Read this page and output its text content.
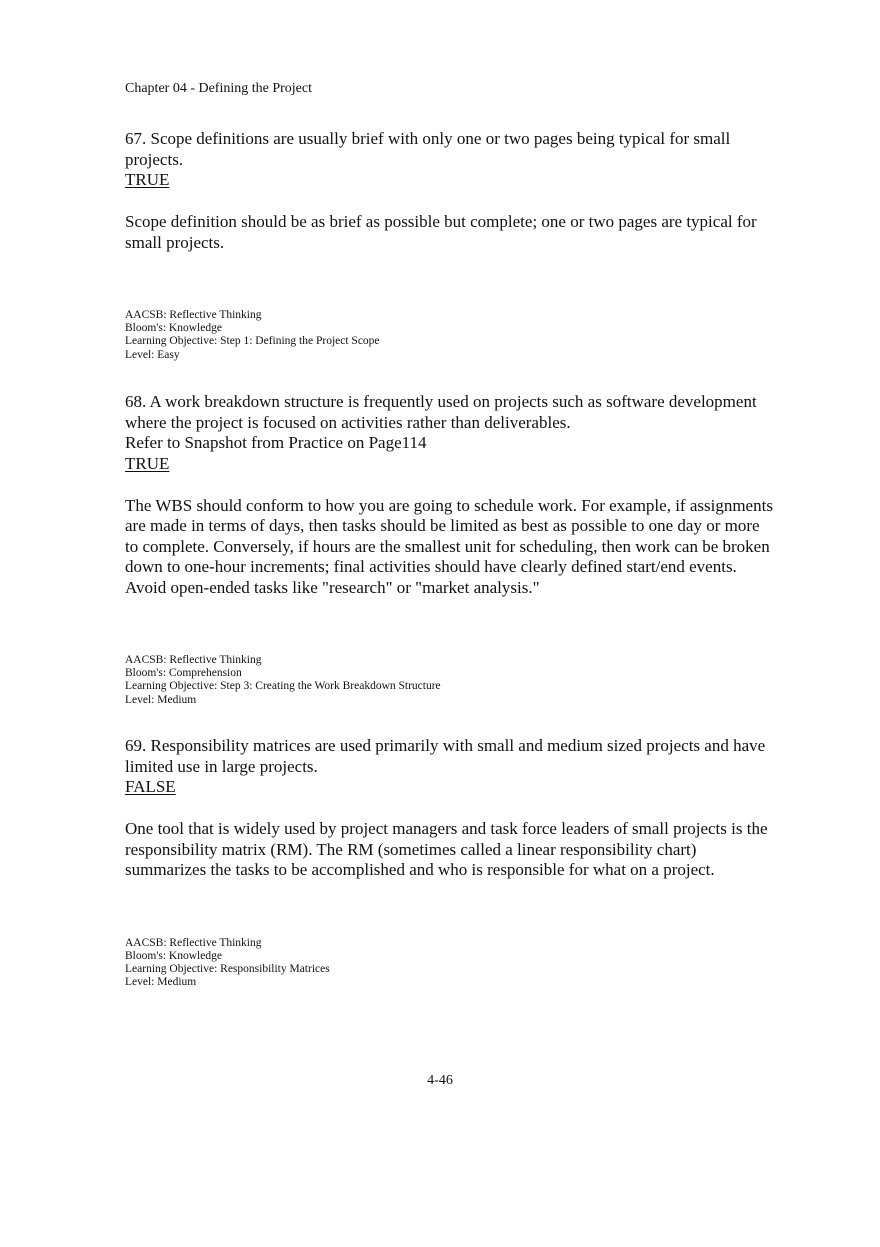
Chapter 04 - Defining the Project

67. Scope definitions are usually brief with only one or two pages being typical for small projects.

TRUE

Scope definition should be as brief as possible but complete; one or two pages are typical for small projects.

AACSB: Reflective Thinking

Bloom's: Knowledge

Learning Objective: Step 1: Defining the Project Scope

Level: Easy

68. A work breakdown structure is frequently used on projects such as software development where the project is focused on activities rather than deliverables.

Refer to Snapshot from Practice on Page114

TRUE

The WBS should conform to how you are going to schedule work. For example, if assignments are made in terms of days, then tasks should be limited as best as possible to one day or more to complete. Conversely, if hours are the smallest unit for scheduling, then work can be broken down to one-hour increments; final activities should have clearly defined start/end events. Avoid open-ended tasks like "research" or "market analysis."

AACSB: Reflective Thinking

Bloom's: Comprehension

Learning Objective: Step 3: Creating the Work Breakdown Structure

Level: Medium

69. Responsibility matrices are used primarily with small and medium sized projects and have limited use in large projects.

FALSE

One tool that is widely used by project managers and task force leaders of small projects is the responsibility matrix (RM). The RM (sometimes called a linear responsibility chart) summarizes the tasks to be accomplished and who is responsible for what on a project.

AACSB: Reflective Thinking

Bloom's: Knowledge

Learning Objective: Responsibility Matrices

Level: Medium

4-46
